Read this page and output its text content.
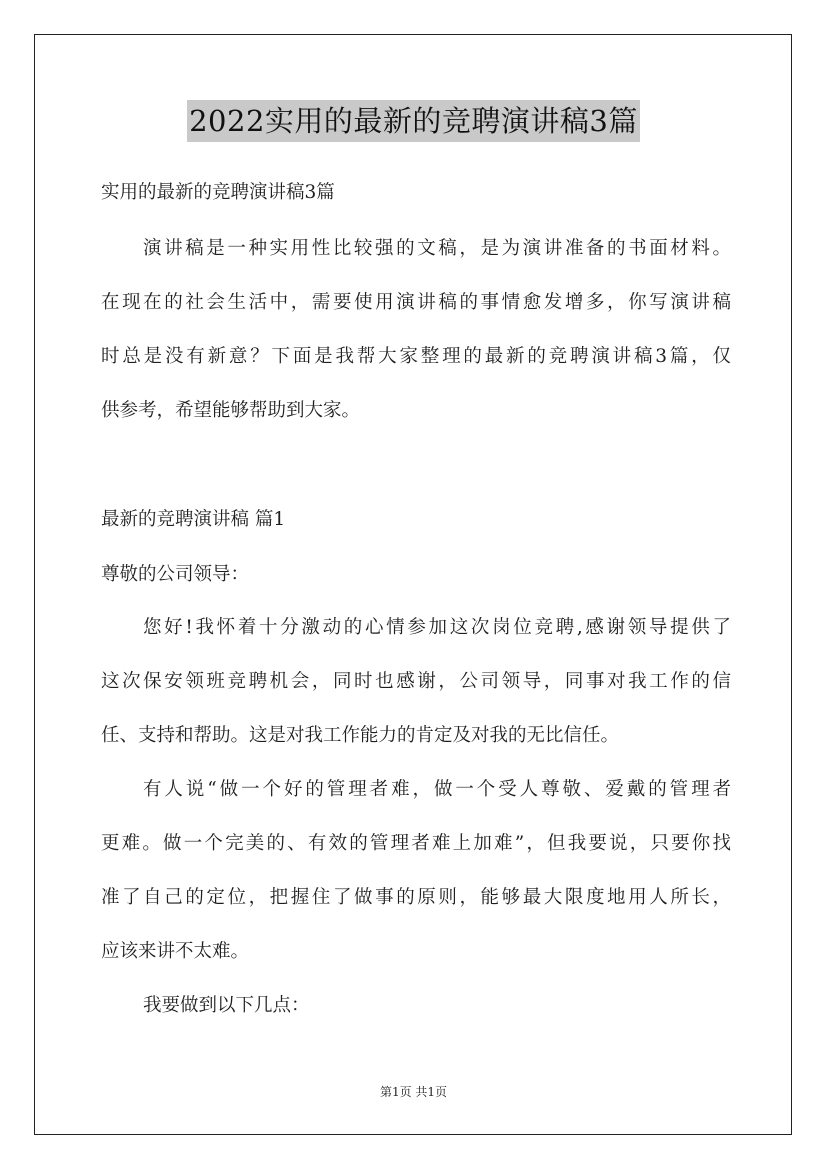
2022实用的最新的竞聘演讲稿3篇
实用的最新的竞聘演讲稿3篇
演讲稿是一种实用性比较强的文稿，是为演讲准备的书面材料。
在现在的社会生活中，需要使用演讲稿的事情愈发增多，你写演讲稿
时总是没有新意？下面是我帮大家整理的最新的竞聘演讲稿3篇，仅
供参考，希望能够帮助到大家。
最新的竞聘演讲稿 篇1
尊敬的公司领导：
您好!我怀着十分激动的心情参加这次岗位竞聘,感谢领导提供了
这次保安领班竞聘机会，同时也感谢，公司领导，同事对我工作的信
任、支持和帮助。这是对我工作能力的肯定及对我的无比信任。
有人说“做一个好的管理者难，做一个受人尊敬、爱戴的管理者
更难。做一个完美的、有效的管理者难上加难”，但我要说，只要你找
准了自己的定位，把握住了做事的原则，能够最大限度地用人所长，
应该来讲不太难。
我要做到以下几点：
第1页 共1页
